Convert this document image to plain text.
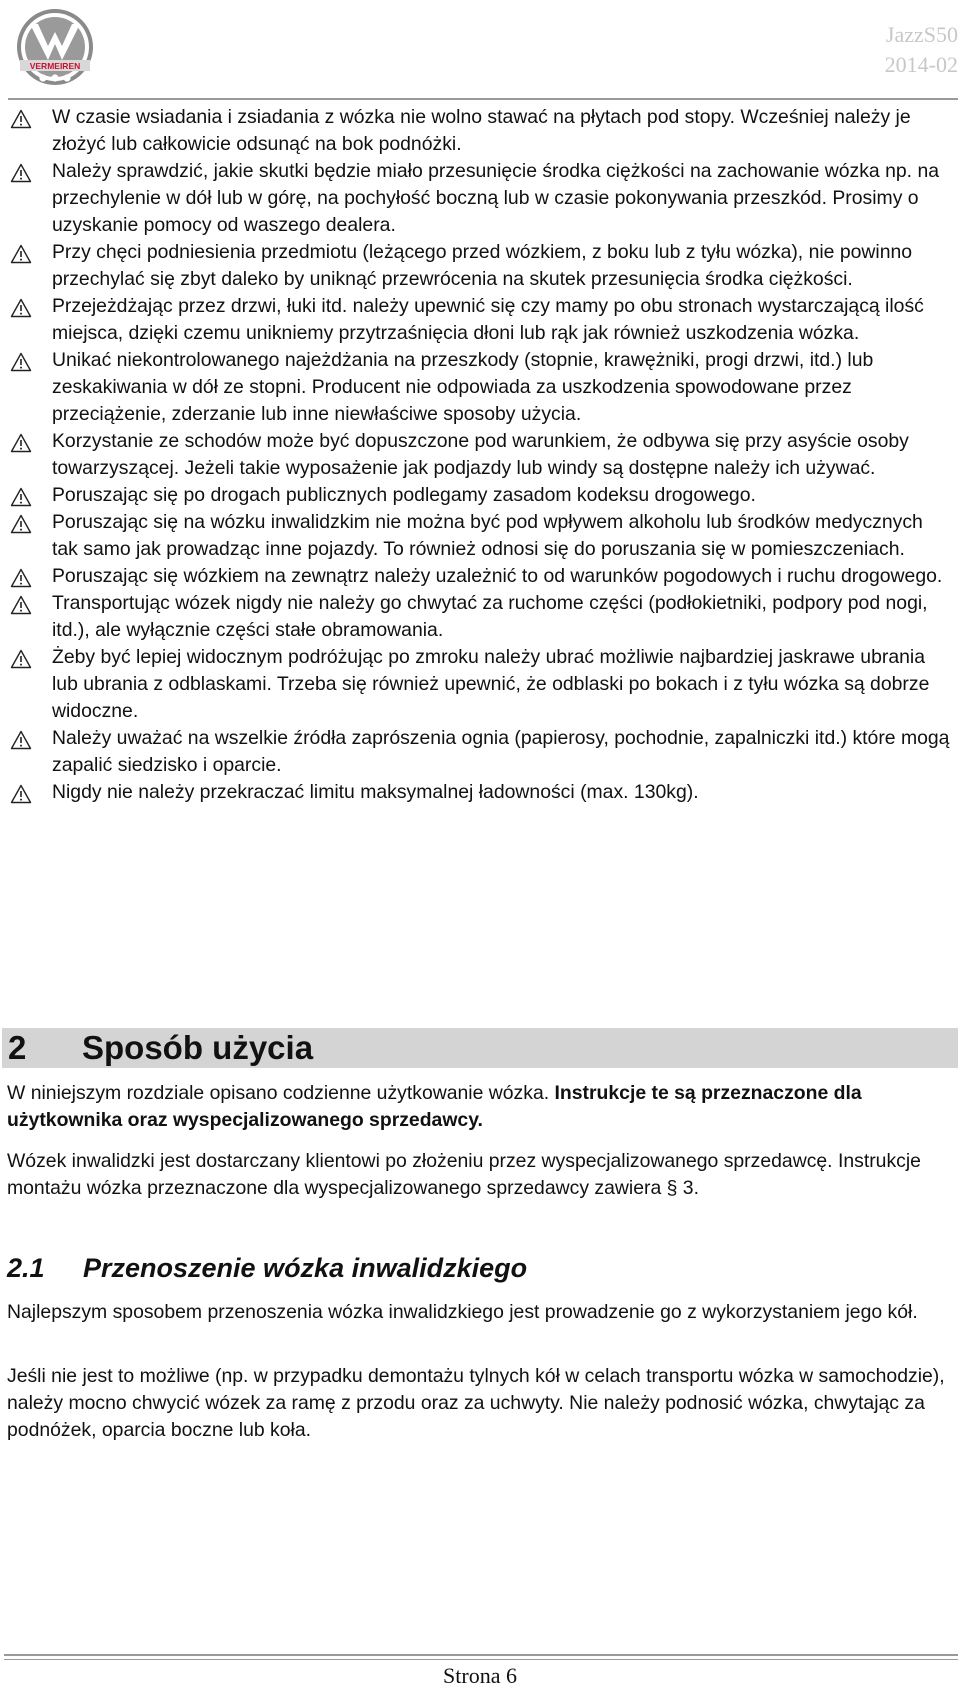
VERMEIREN
JazzS50
2014-02
W czasie wsiadania i zsiadania z wózka nie wolno stawać na płytach pod stopy. Wcześniej należy je złożyć lub całkowicie odsunąć na bok podnóżki.
Należy sprawdzić, jakie skutki będzie miało przesunięcie środka ciężkości na zachowanie wózka np. na przechylenie w dół lub w górę, na pochyłość boczną lub w czasie pokonywania przeszkód. Prosimy o uzyskanie pomocy od waszego dealera.
Przy chęci podniesienia przedmiotu (leżącego przed wózkiem, z boku lub z tyłu wózka), nie powinno przechylać się zbyt daleko by uniknąć przewrócenia na skutek przesunięcia środka ciężkości.
Przejeżdżając przez drzwi, łuki itd. należy upewnić się czy mamy po obu stronach wystarczającą ilość miejsca, dzięki czemu unikniemy przytrzaśnięcia dłoni lub rąk jak również uszkodzenia wózka.
Unikać niekontrolowanego najeżdżania na przeszkody (stopnie, krawężniki, progi drzwi, itd.) lub zeskakiwania w dół ze stopni. Producent nie odpowiada za uszkodzenia spowodowane przez przeciążenie, zderzanie lub inne niewłaściwe sposoby użycia.
Korzystanie ze schodów może być dopuszczone pod warunkiem, że odbywa się przy asyście osoby towarzyszącej. Jeżeli takie wyposażenie jak podjazdy lub windy są dostępne należy ich używać.
Poruszając się po drogach publicznych podlegamy zasadom kodeksu drogowego.
Poruszając się na wózku inwalidzkim nie można być pod wpływem alkoholu lub środków medycznych tak samo jak prowadząc inne pojazdy. To również odnosi się do poruszania się w pomieszczeniach.
Poruszając się wózkiem na zewnątrz należy uzależnić to od warunków pogodowych i ruchu drogowego.
Transportując wózek nigdy nie należy go chwytać za ruchome części (podłokietniki, podpory pod nogi, itd.), ale wyłącznie części stałe obramowania.
Żeby być lepiej widocznym podróżując po zmroku należy ubrać możliwie najbardziej jaskrawe ubrania lub ubrania z odblaskami. Trzeba się również upewnić, że odblaski po bokach i z tyłu wózka są dobrze widoczne.
Należy uważać na wszelkie źródła zaprószenia ognia (papierosy, pochodnie, zapalniczki itd.) które mogą zapalić siedzisko i oparcie.
Nigdy nie należy przekraczać limitu maksymalnej ładowności (max. 130kg).
2 Sposób użycia
W niniejszym rozdziale opisano codzienne użytkowanie wózka. Instrukcje te są przeznaczone dla użytkownika oraz wyspecjalizowanego sprzedawcy.
Wózek inwalidzki jest dostarczany klientowi po złożeniu przez wyspecjalizowanego sprzedawcę. Instrukcje montażu wózka przeznaczone dla wyspecjalizowanego sprzedawcy zawiera § 3.
2.1 Przenoszenie wózka inwalidzkiego
Najlepszym sposobem przenoszenia wózka inwalidzkiego jest prowadzenie go z wykorzystaniem jego kół.
Jeśli nie jest to możliwe (np. w przypadku demontażu tylnych kół w celach transportu wózka w samochodzie), należy mocno chwycić wózek za ramę z przodu oraz za uchwyty. Nie należy podnosić wózka, chwytając za podnóżek, oparcia boczne lub koła.
Strona 6
